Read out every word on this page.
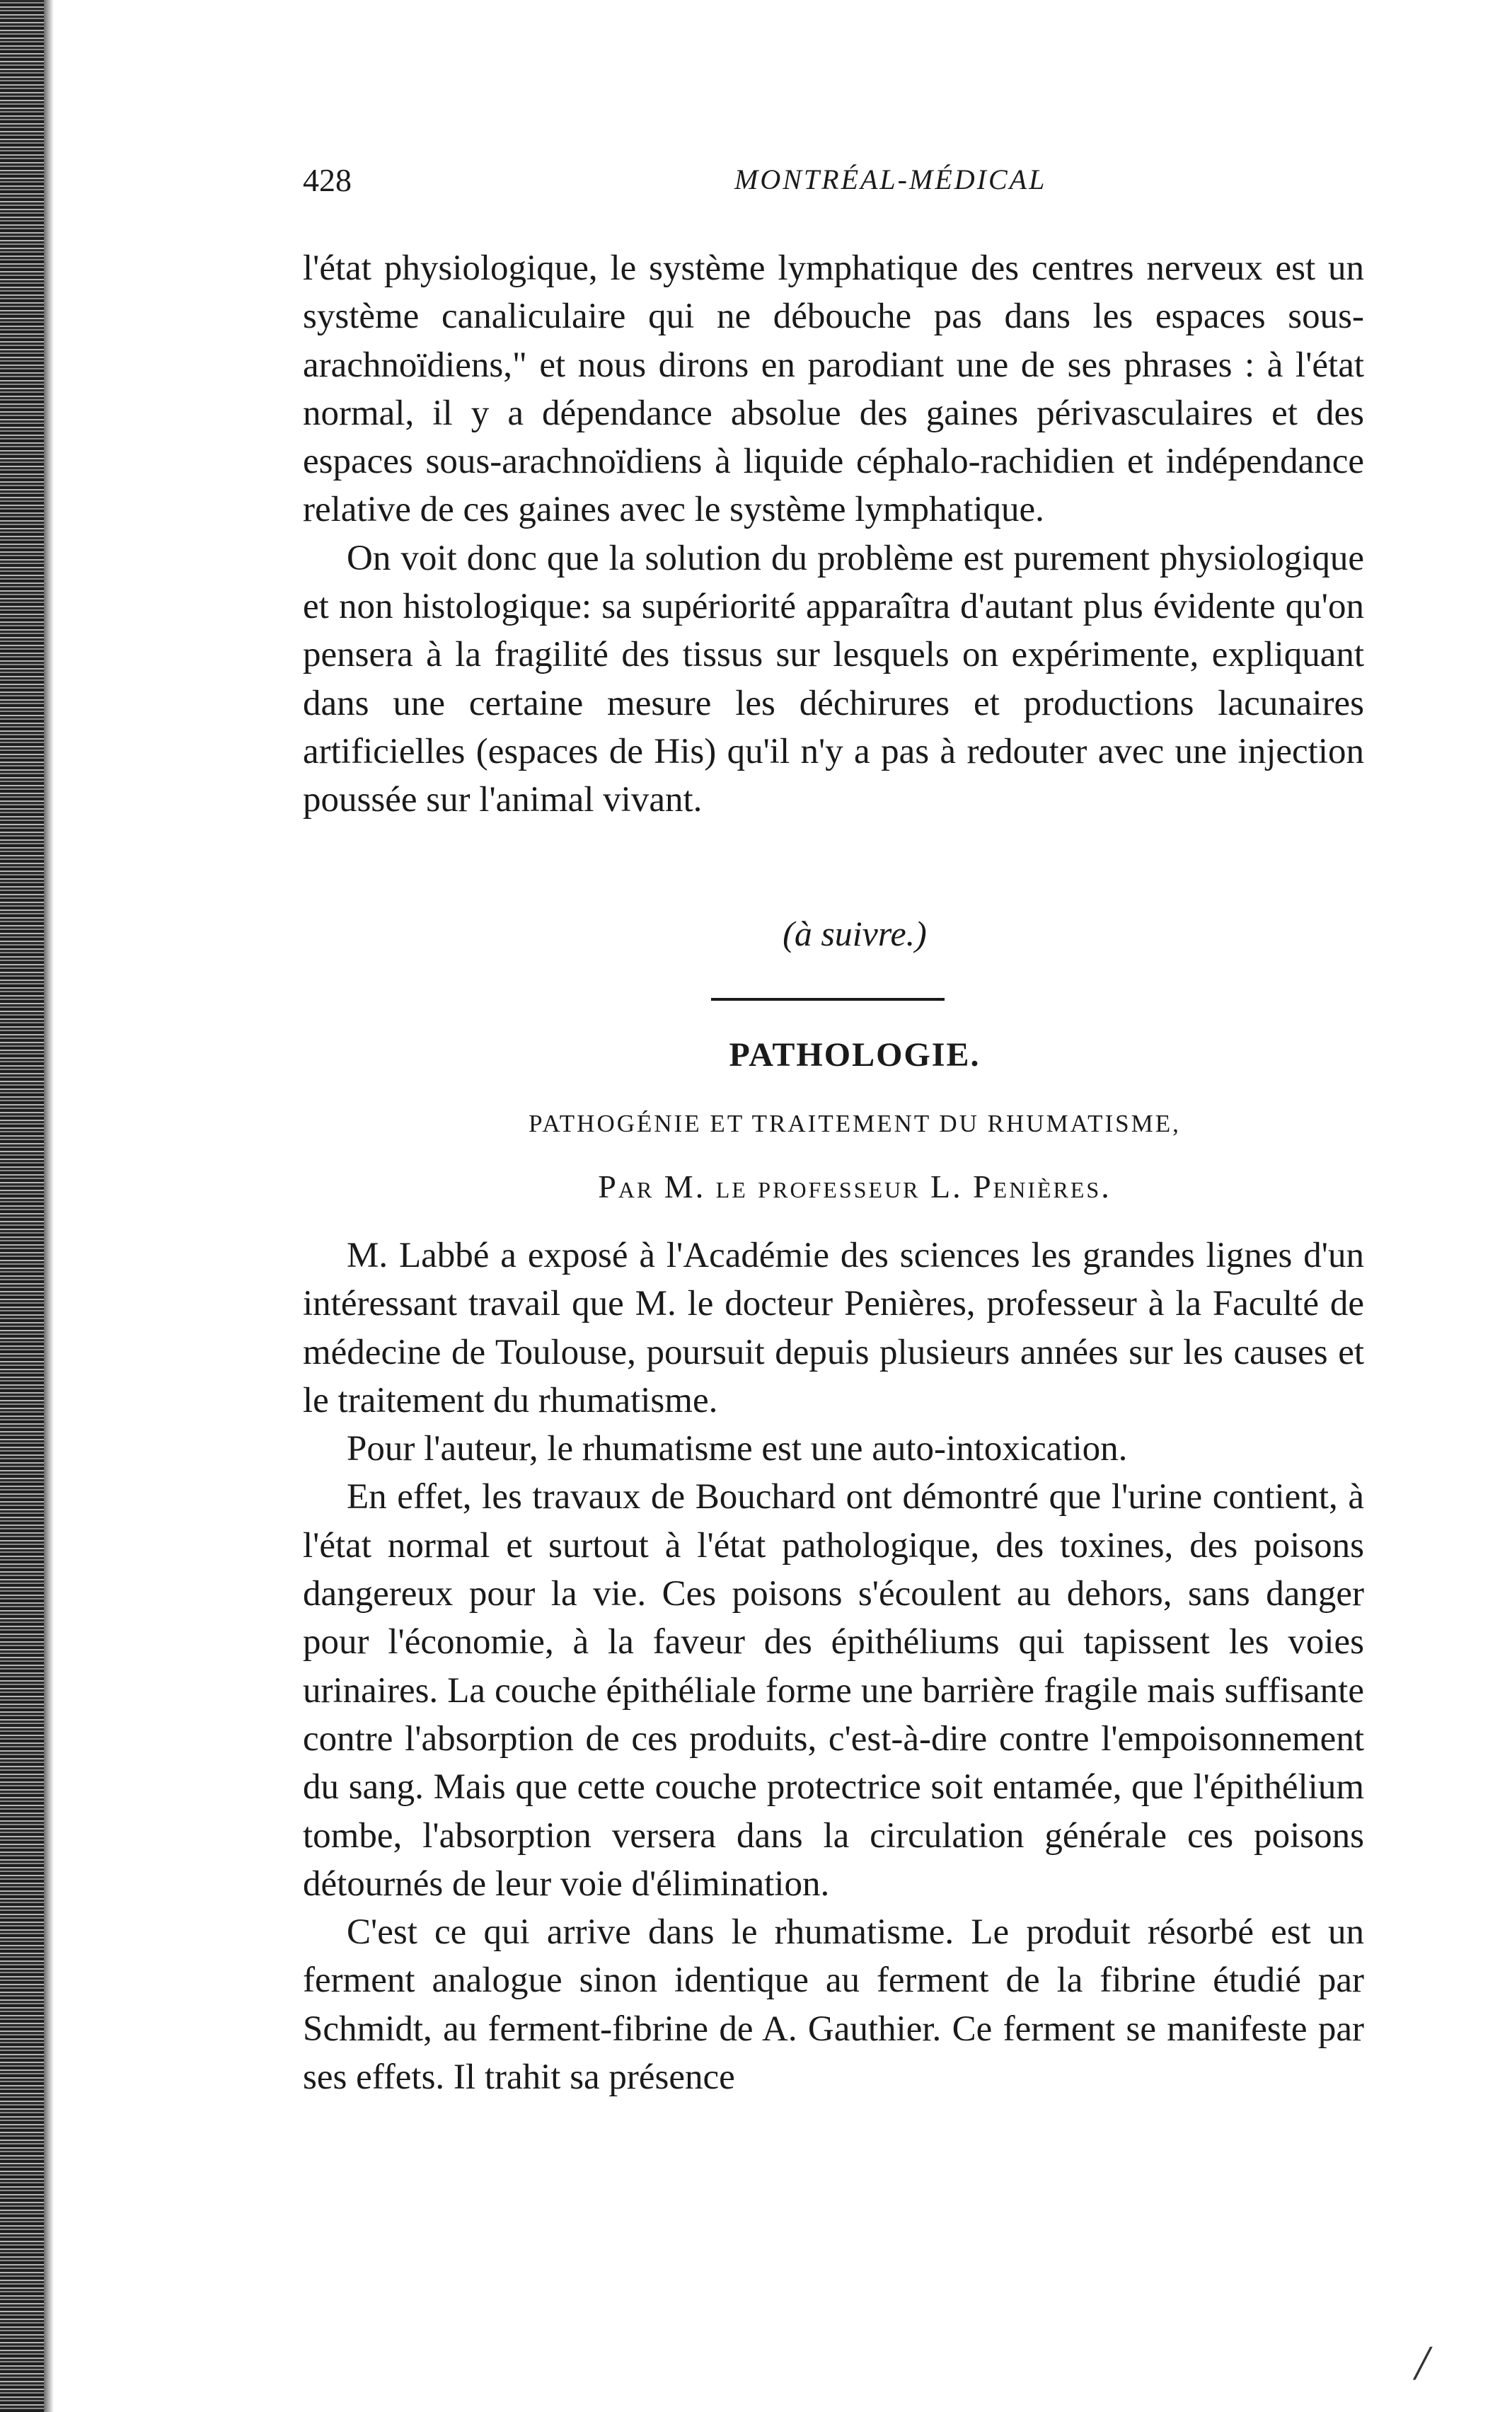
428	MONTRÉAL-MÉDICAL

l'état physiologique, le système lymphatique des centres nerveux est un système canaliculaire qui ne débouche pas dans les espaces sous-arachnoïdiens," et nous dirons en parodiant une de ses phrases : à l'état normal, il y a dépendance absolue des gaines périvasculaires et des espaces sous-arachnoïdiens à liquide céphalo-rachidien et indépendance relative de ces gaines avec le système lymphatique.

On voit donc que la solution du problème est purement physiologique et non histologique: sa supériorité apparaîtra d'autant plus évidente qu'on pensera à la fragilité des tissus sur lesquels on expérimente, expliquant dans une certaine mesure les déchirures et productions lacunaires artificielles (espaces de His) qu'il n'y a pas à redouter avec une injection poussée sur l'animal vivant.

(à suivre.)
PATHOLOGIE.
PATHOGÉNIE ET TRAITEMENT DU RHUMATISME,
Par M. le professeur L. Penières.

M. Labbé a exposé à l'Académie des sciences les grandes lignes d'un intéressant travail que M. le docteur Penières, professeur à la Faculté de médecine de Toulouse, poursuit depuis plusieurs années sur les causes et le traitement du rhumatisme.

Pour l'auteur, le rhumatisme est une auto-intoxication.

En effet, les travaux de Bouchard ont démontré que l'urine contient, à l'état normal et surtout à l'état pathologique, des toxines, des poisons dangereux pour la vie. Ces poisons s'écoulent au dehors, sans danger pour l'économie, à la faveur des épithéliums qui tapissent les voies urinaires. La couche épithéliale forme une barrière fragile mais suffisante contre l'absorption de ces produits, c'est-à-dire contre l'empoisonnement du sang. Mais que cette couche protectrice soit entamée, que l'épithélium tombe, l'absorption versera dans la circulation générale ces poisons détournés de leur voie d'élimination.

C'est ce qui arrive dans le rhumatisme. Le produit résorbé est un ferment analogue sinon identique au ferment de la fibrine étudié par Schmidt, au ferment-fibrine de A. Gauthier. Ce ferment se manifeste par ses effets. Il trahit sa présence

/
